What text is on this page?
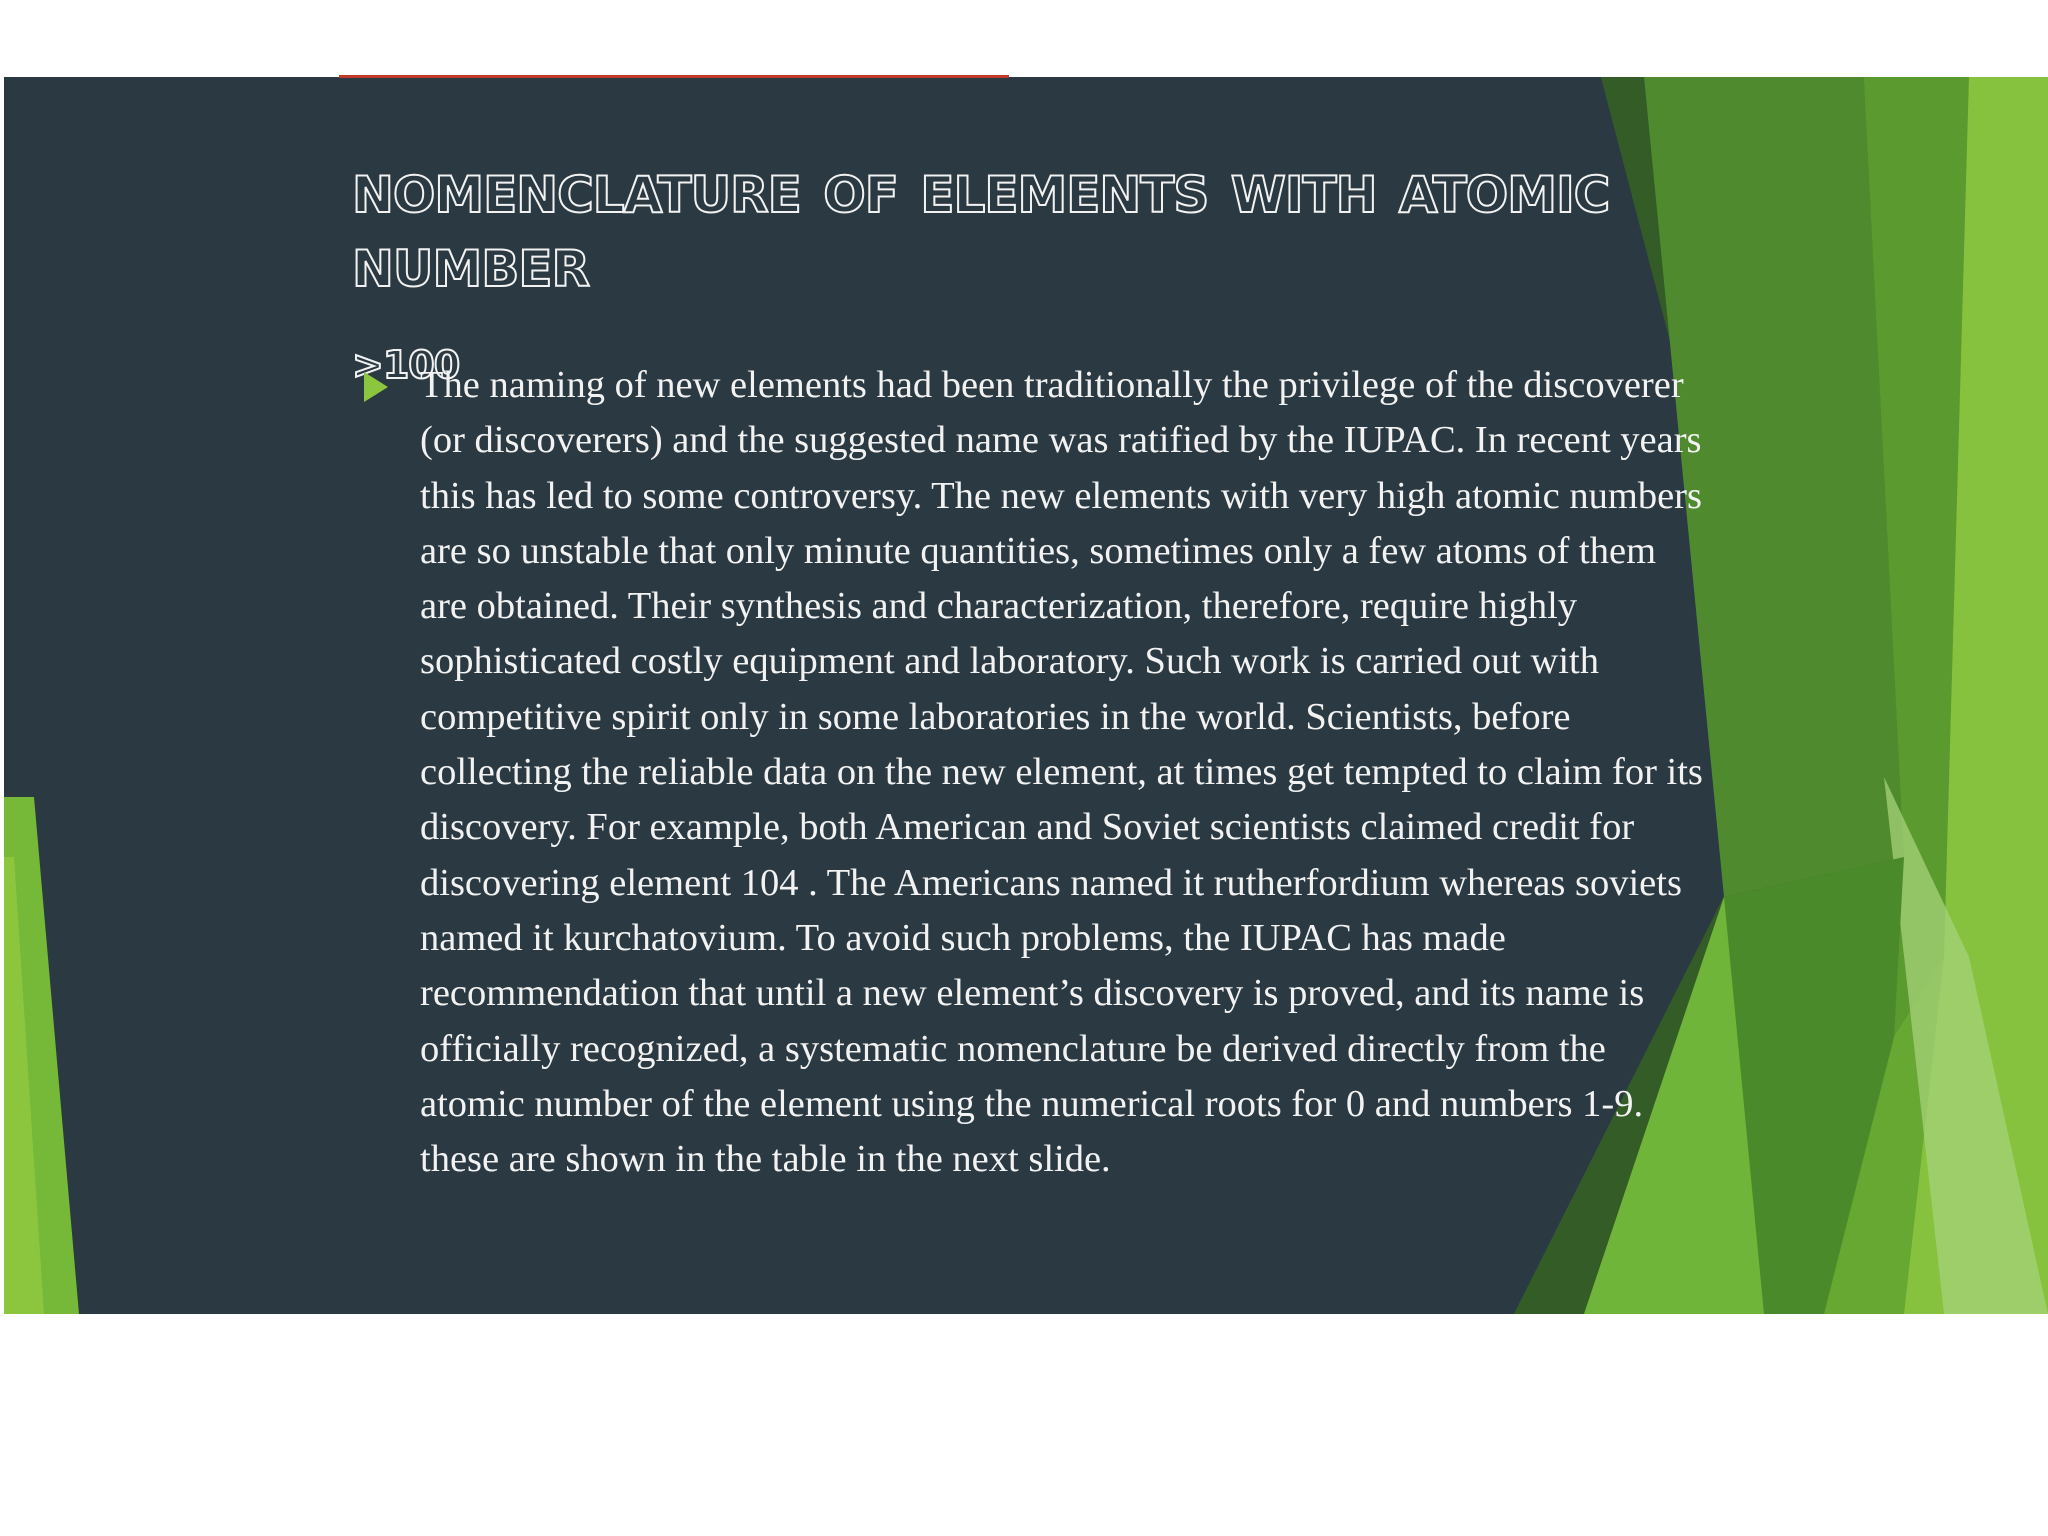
NOMENCLATURE OF ELEMENTS WITH ATOMIC NUMBER
>100

The naming of new elements had been traditionally the privilege of the discoverer (or discoverers) and the suggested name was ratified by the IUPAC. In recent years this has led to some controversy. The new elements with very high atomic numbers are so unstable that only minute quantities, sometimes only a few atoms of them are obtained. Their synthesis and characterization, therefore, require highly sophisticated costly equipment and laboratory. Such work is carried out with competitive spirit only in some laboratories in the world. Scientists, before collecting the reliable data on the new element, at times get tempted to claim for its discovery. For example, both American and Soviet scientists claimed credit for discovering element 104 . The Americans named it rutherfordium whereas soviets named it kurchatovium. To avoid such problems, the IUPAC has made recommendation that until a new element’s discovery is proved, and its name is officially recognized, a systematic nomenclature be derived directly from the atomic number of the element using the numerical roots for 0 and numbers 1-9. these are shown in the table in the next slide.
